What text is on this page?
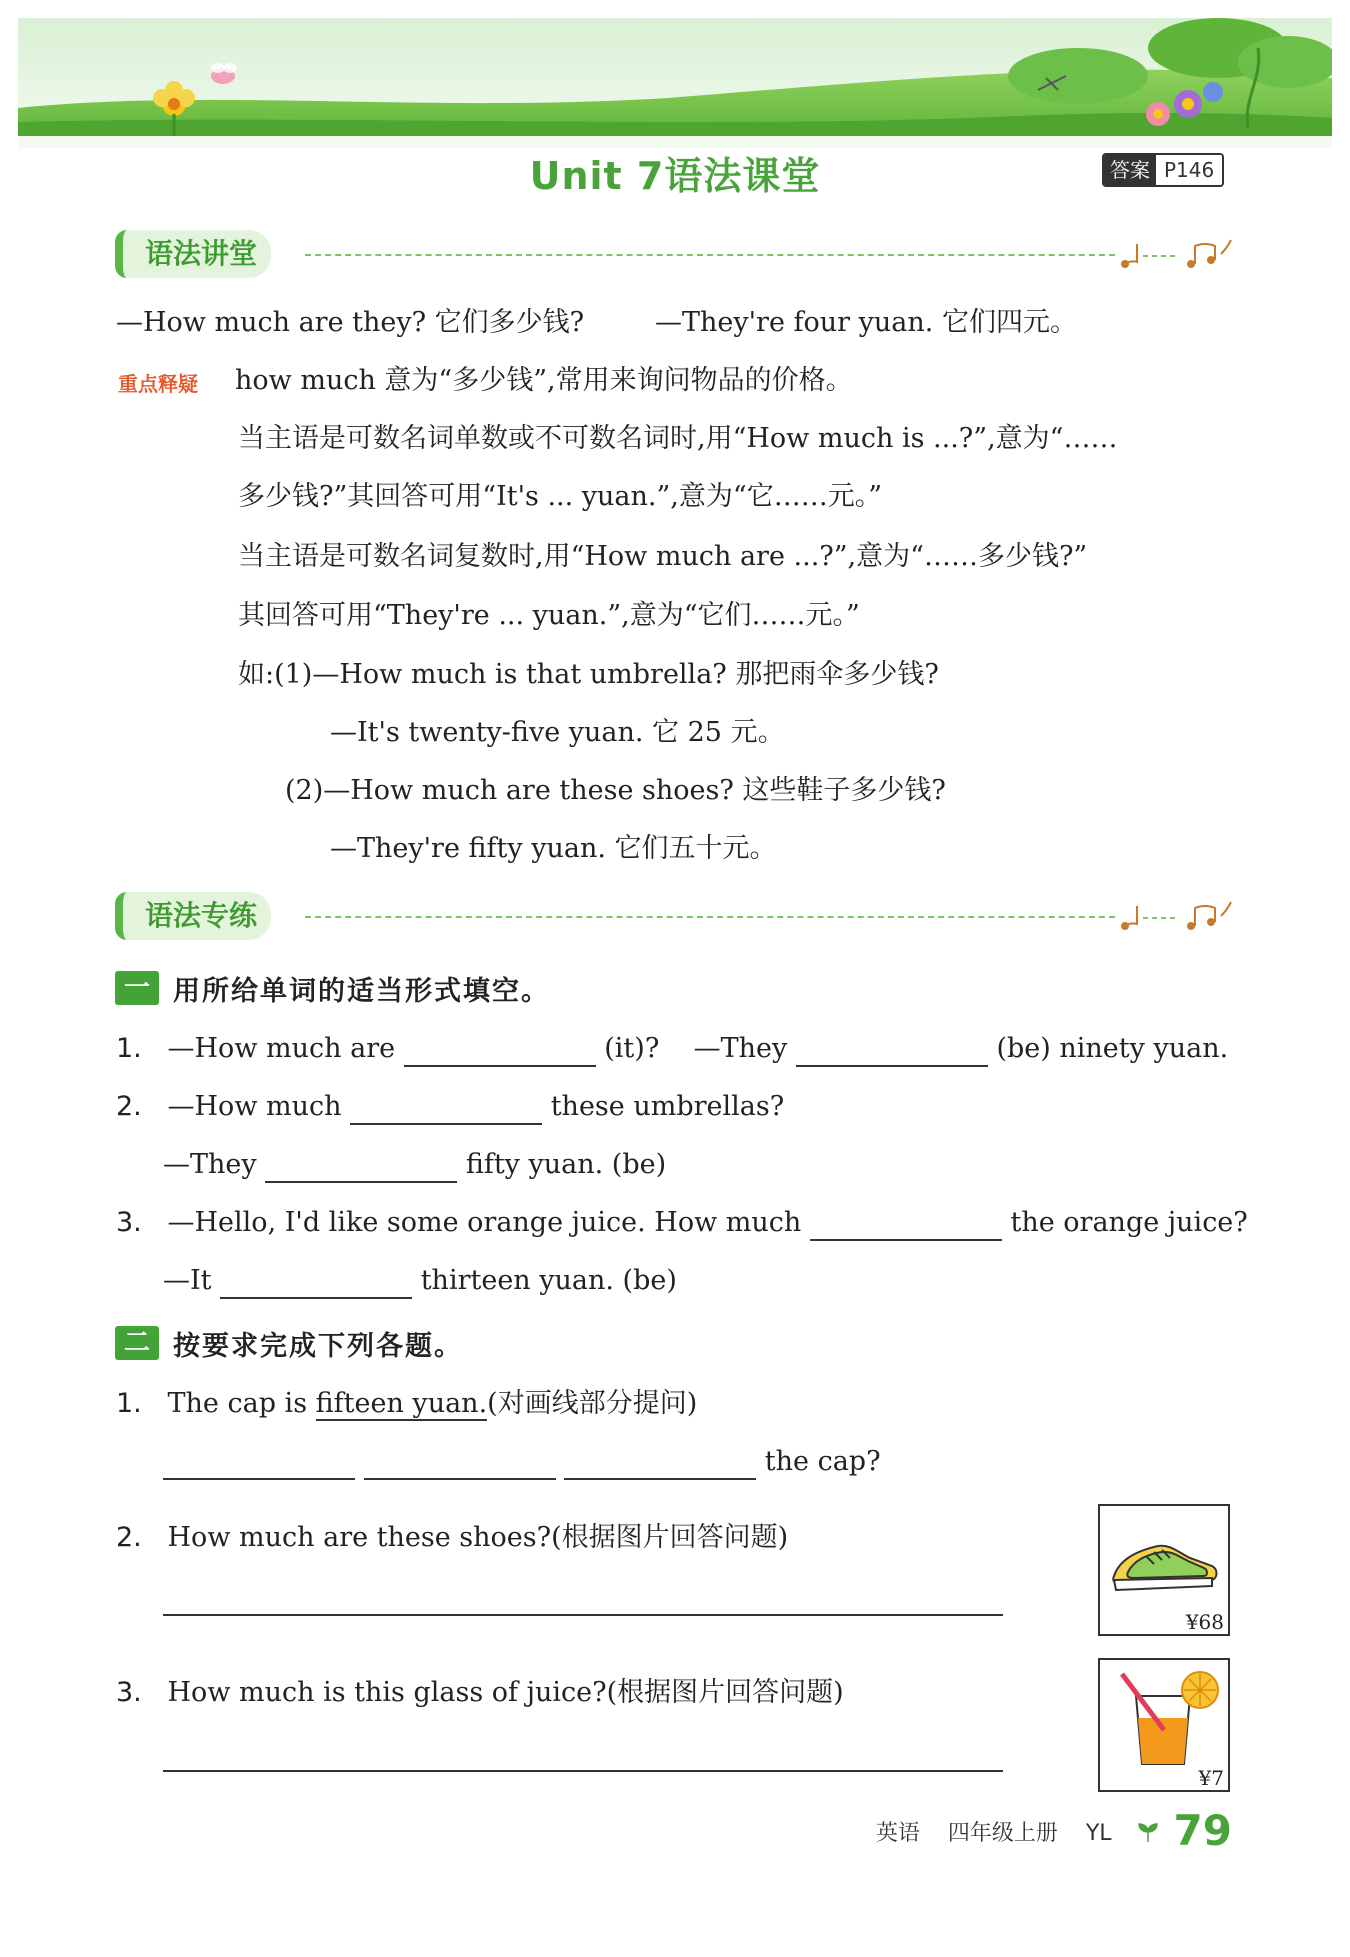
Unit 7语法课堂	答案 P146
语法讲堂
—How much are they? 它们多少钱?	—They're four yuan. 它们四元。
重点释疑 how much 意为“多少钱”,常用来询问物品的价格。
当主语是可数名词单数或不可数名词时,用“How much is ...?”,意为“……
多少钱?”其回答可用“It's ... yuan.”,意为“它……元。”
当主语是可数名词复数时,用“How much are ...?”,意为“……多少钱?”
其回答可用“They're ... yuan.”,意为“它们……元。”
如:(1)—How much is that umbrella? 那把雨伞多少钱?
—It's twenty-five yuan. 它 25 元。
(2)—How much are these shoes? 这些鞋子多少钱?
—They're fifty yuan. 它们五十元。
语法专练
一 用所给单词的适当形式填空。
1. —How much are	(it)? —They	(be) ninety yuan.
2. —How much	these umbrellas?
—They	fifty yuan. (be)
3. —Hello, I'd like some orange juice. How much	the orange juice?
—It	thirteen yuan. (be)
二 按要求完成下列各题。
1. The cap is fifteen yuan.(对画线部分提问)
the cap?
2. How much are these shoes?(根据图片回答问题)
¥68
3. How much is this glass of juice?(根据图片回答问题)
¥7
英语 四年级上册 YL 79
